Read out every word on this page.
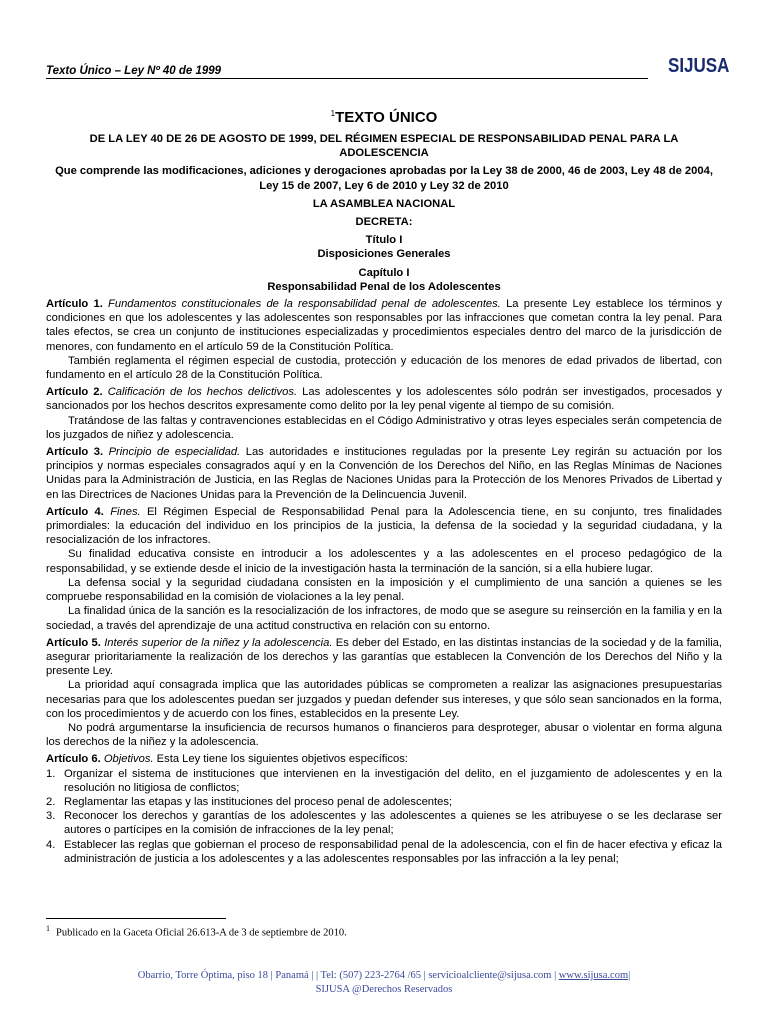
Texto Único – Ley Nº 40 de 1999	SIJUSA
$^1$TEXTO ÚNICO
DE LA LEY 40 DE 26 DE AGOSTO DE 1999, DEL RÉGIMEN ESPECIAL DE RESPONSABILIDAD PENAL PARA LA ADOLESCENCIA
Que comprende las modificaciones, adiciones y derogaciones aprobadas por la Ley 38 de 2000, 46 de 2003, Ley 48 de 2004, Ley 15 de 2007, Ley 6 de 2010 y Ley 32 de 2010
LA ASAMBLEA NACIONAL
DECRETA:
Título I
Disposiciones Generales
Capítulo I
Responsabilidad Penal de los Adolescentes

Artículo 1. Fundamentos constitucionales de la responsabilidad penal de adolescentes. La presente Ley establece los términos y condiciones en que los adolescentes y las adolescentes son responsables por las infracciones que cometan contra la ley penal. Para tales efectos, se crea un conjunto de instituciones especializadas y procedimientos especiales dentro del marco de la jurisdicción de menores, con fundamento en el artículo 59 de la Constitución Política.

También reglamenta el régimen especial de custodia, protección y educación de los menores de edad privados de libertad, con fundamento en el artículo 28 de la Constitución Política.

Artículo 2. Calificación de los hechos delictivos. Las adolescentes y los adolescentes sólo podrán ser investigados, procesados y sancionados por los hechos descritos expresamente como delito por la ley penal vigente al tiempo de su comisión.

Tratándose de las faltas y contravenciones establecidas en el Código Administrativo y otras leyes especiales serán competencia de los juzgados de niñez y adolescencia.

Artículo 3. Principio de especialidad. Las autoridades e instituciones reguladas por la presente Ley regirán su actuación por los principios y normas especiales consagrados aquí y en la Convención de los Derechos del Niño, en las Reglas Mínimas de Naciones Unidas para la Administración de Justicia, en las Reglas de Naciones Unidas para la Protección de los Menores Privados de Libertad y en las Directrices de Naciones Unidas para la Prevención de la Delincuencia Juvenil.

Artículo 4. Fines. El Régimen Especial de Responsabilidad Penal para la Adolescencia tiene, en su conjunto, tres finalidades primordiales: la educación del individuo en los principios de la justicia, la defensa de la sociedad y la seguridad ciudadana, y la resocialización de los infractores.

Su finalidad educativa consiste en introducir a los adolescentes y a las adolescentes en el proceso pedagógico de la responsabilidad, y se extiende desde el inicio de la investigación hasta la terminación de la sanción, si a ella hubiere lugar.

La defensa social y la seguridad ciudadana consisten en la imposición y el cumplimiento de una sanción a quienes se les compruebe responsabilidad en la comisión de violaciones a la ley penal.

La finalidad única de la sanción es la resocialización de los infractores, de modo que se asegure su reinserción en la familia y en la sociedad, a través del aprendizaje de una actitud constructiva en relación con su entorno.

Artículo 5. Interés superior de la niñez y la adolescencia. Es deber del Estado, en las distintas instancias de la sociedad y de la familia, asegurar prioritariamente la realización de los derechos y las garantías que establecen la Convención de los Derechos del Niño y la presente Ley.

La prioridad aquí consagrada implica que las autoridades públicas se comprometen a realizar las asignaciones presupuestarias necesarias para que los adolescentes puedan ser juzgados y puedan defender sus intereses, y que sólo sean sancionados en la forma, con los procedimientos y de acuerdo con los fines, establecidos en la presente Ley.

No podrá argumentarse la insuficiencia de recursos humanos o financieros para desproteger, abusar o violentar en forma alguna los derechos de la niñez y la adolescencia.

Artículo 6. Objetivos. Esta Ley tiene los siguientes objetivos específicos:

1. Organizar el sistema de instituciones que intervienen en la investigación del delito, en el juzgamiento de adolescentes y en la resolución no litigiosa de conflictos;
2. Reglamentar las etapas y las instituciones del proceso penal de adolescentes;
3. Reconocer los derechos y garantías de los adolescentes y las adolescentes a quienes se les atribuyese o se les declarase ser autores o partícipes en la comisión de infracciones de la ley penal;
4. Establecer las reglas que gobiernan el proceso de responsabilidad penal de la adolescencia, con el fin de hacer efectiva y eficaz la administración de justicia a los adolescentes y a las adolescentes responsables por las infracción a la ley penal;
$^1$ Publicado en la Gaceta Oficial 26.613-A de 3 de septiembre de 2010.
Obarrio, Torre Óptima, piso 18 | Panamá | | Tel: (507) 223-2764 /65 | servicioalcliente@sijusa.com | www.sijusa.com|
SIJUSA @Derechos Reservados
